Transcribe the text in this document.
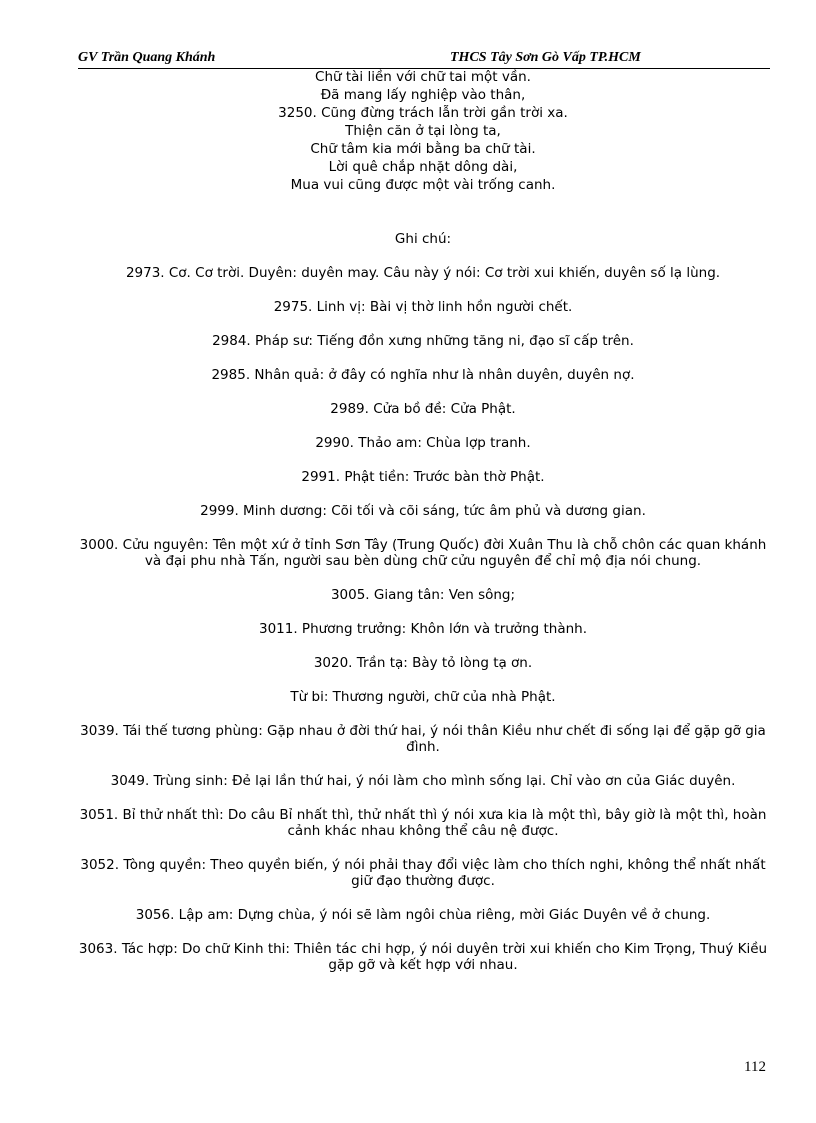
GV Trần Quang Khánh	THCS Tây Sơn Gò Vấp TP.HCM
Chữ tài liền với chữ tai một vần.
Đã mang lấy nghiệp vào thân,
3250. Cũng đừng trách lẫn trời gần trời xa.
Thiện căn ở tại lòng ta,
Chữ tâm kia mới bằng ba chữ tài.
Lời quê chắp nhặt dông dài,
Mua vui cũng được một vài trống canh.
Ghi chú:

2973. Cơ. Cơ trời. Duyên: duyên may. Câu này ý nói: Cơ trời xui khiến, duyên số lạ lùng.

2975. Linh vị: Bài vị thờ linh hồn người chết.

2984. Pháp sư: Tiếng đồn xưng những tăng ni, đạo sĩ cấp trên.

2985. Nhân quả: ở đây có nghĩa như là nhân duyên, duyên nợ.

2989. Cửa bồ đề: Cửa Phật.

2990. Thảo am: Chùa lợp tranh.

2991. Phật tiền: Trước bàn thờ Phật.

2999. Minh dương: Cõi tối và cõi sáng, tức âm phủ và dương gian.

3000. Cửu nguyên: Tên một xứ ở tỉnh Sơn Tây (Trung Quốc) đời Xuân Thu là chỗ chôn các quan khánh và đại phu nhà Tấn, người sau bèn dùng chữ cửu nguyên để chỉ mộ địa nói chung.

3005. Giang tân: Ven sông;

3011. Phương trưởng: Khôn lớn và trưởng thành.

3020. Trần tạ: Bày tỏ lòng tạ ơn.

Từ bi: Thương người, chữ của nhà Phật.

3039. Tái thế tương phùng: Gặp nhau ở đời thứ hai, ý nói thân Kiều như chết đi sống lại để gặp gỡ gia đình.

3049. Trùng sinh: Đẻ lại lần thứ hai, ý nói làm cho mình sống lại. Chỉ vào ơn của Giác duyên.

3051. Bỉ thử nhất thì: Do câu Bỉ nhất thì, thử nhất thì ý nói xưa kia là một thì, bây giờ là một thì, hoàn cảnh khác nhau không thể câu nệ được.

3052. Tòng quyền: Theo quyền biến, ý nói phải thay đổi việc làm cho thích nghi, không thể nhất nhất giữ đạo thường được.

3056. Lập am: Dựng chùa, ý nói sẽ làm ngôi chùa riêng, mời Giác Duyên về ở chung.

3063. Tác hợp: Do chữ Kinh thi: Thiên tác chi hợp, ý nói duyên trời xui khiến cho Kim Trọng, Thuý Kiều gặp gỡ và kết hợp với nhau.

112
